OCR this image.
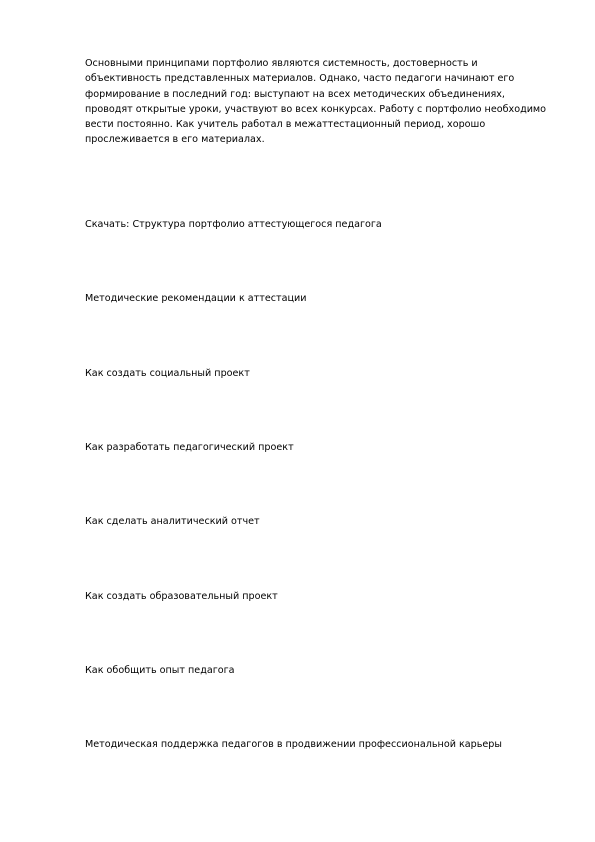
Основными принципами портфолио являются системность, достоверность и объективность представленных материалов. Однако, часто педагоги начинают его формирование в последний год: выступают на всех методических объединениях, проводят открытые уроки, участвуют во всех конкурсах. Работу с портфолио необходимо вести постоянно. Как учитель работал в межаттестационный период, хорошо прослеживается в его материалах.

Скачать: Структура портфолио аттестующегося педагога

Методические рекомендации к аттестации

Как создать социальный проект

Как разработать педагогический проект

Как сделать аналитический отчет

Как создать образовательный проект

Как обобщить опыт педагога

Методическая поддержка педагогов в продвижении профессиональной карьеры
